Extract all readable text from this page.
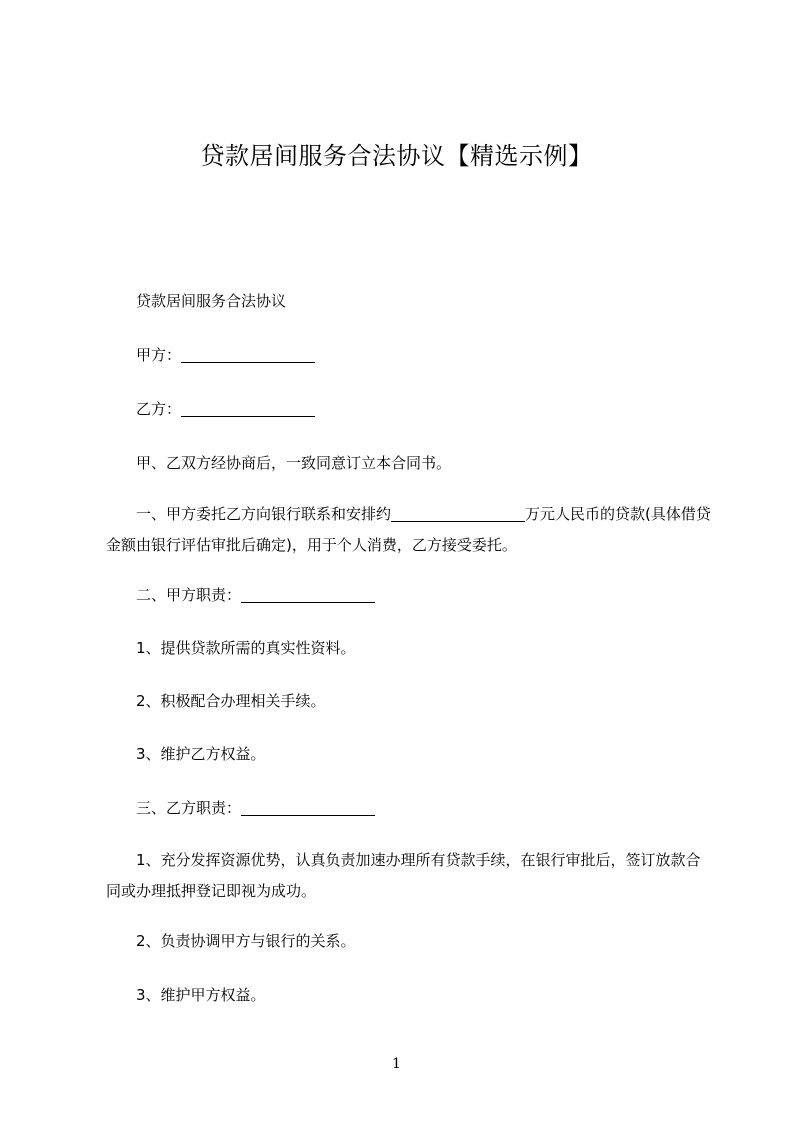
贷款居间服务合法协议【精选示例】
贷款居间服务合法协议
甲方：
乙方：
甲、乙双方经协商后，一致同意订立本合同书。
一、甲方委托乙方向银行联系和安排约	万元人民币的贷款(具体借贷金额由银行评估审批后确定)，用于个人消费，乙方接受委托。
二、甲方职责：
1、提供贷款所需的真实性资料。
2、积极配合办理相关手续。
3、维护乙方权益。
三、乙方职责：
1、充分发挥资源优势，认真负责加速办理所有贷款手续，在银行审批后，签订放款合同或办理抵押登记即视为成功。
2、负责协调甲方与银行的关系。
3、维护甲方权益。
1
